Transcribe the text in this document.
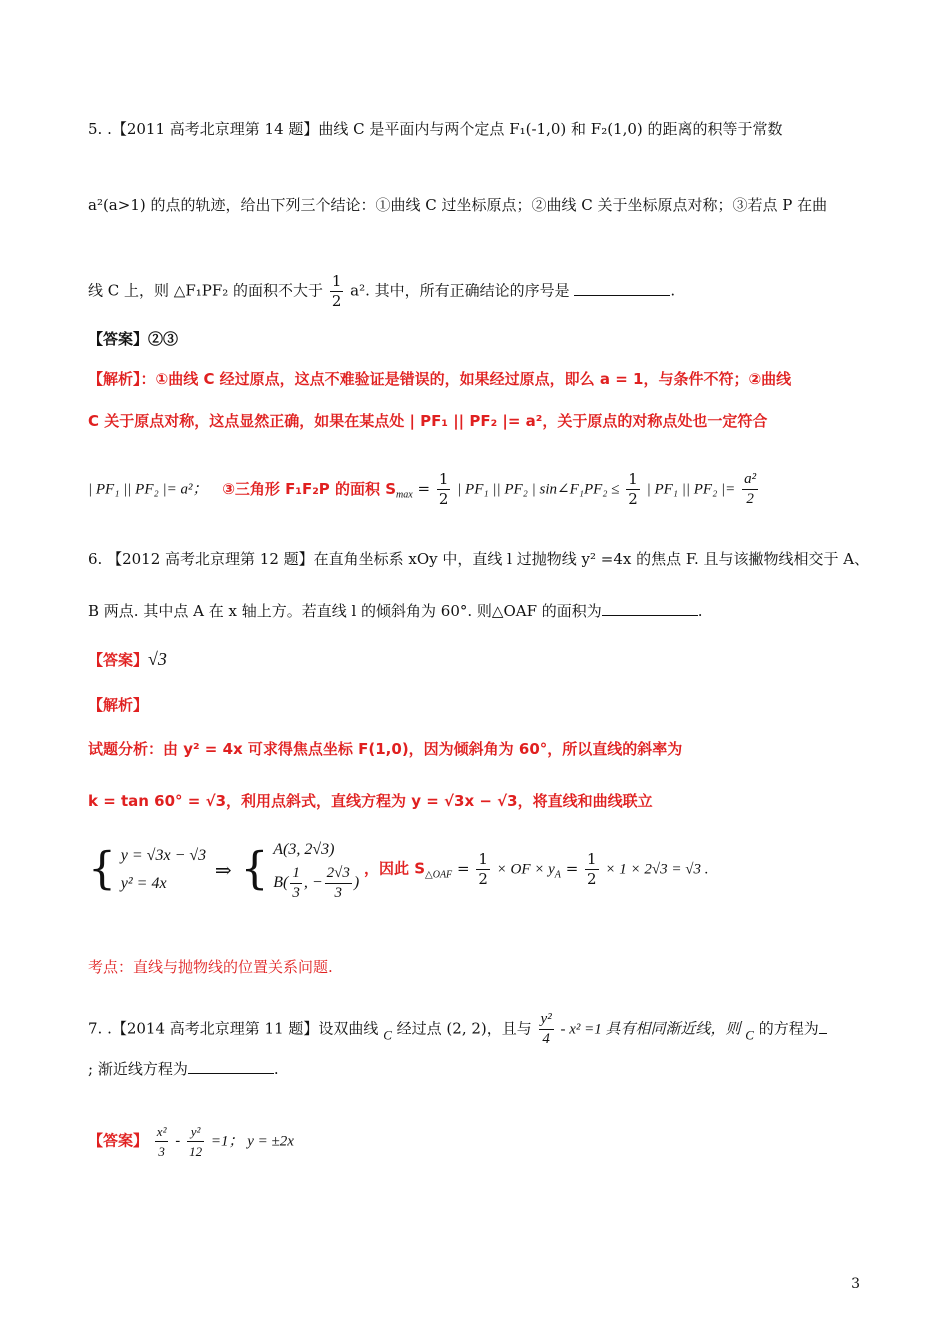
5. .【2011 高考北京理第 14 题】曲线 C 是平面内与两个定点 F₁(-1,0) 和 F₂(1,0) 的距离的积等于常数
a²(a>1) 的点的轨迹，给出下列三个结论：①曲线 C 过坐标原点；②曲线 C 关于坐标原点对称；③若点 P 在曲
线 C 上，则 △F₁PF₂ 的面积不大于 $\frac{1}{2} a^2$. 其中，所有正确结论的序号是	.
【答案】②③
【解析】：①曲线 C 经过原点，这点不难验证是错误的，如果经过原点，即么 a = 1，与条件不符；②曲线
C 关于原点对称，这点显然正确，如果在某点处 | PF₁ || PF₂ |= a²，关于原点的对称点处也一定符合
| PF₁ || PF₂ |= a²； ③三角形 F₁F₂P 的面积 $S_{max} = \frac{1}{2}$ | PF₁ || PF₂ | sin∠F₁PF₂ ≤ $\frac{1}{2}$ | PF₁ || PF₂ |= $\frac{\text{a²}}{2}$
6. 【2012 高考北京理第 12 题】在直角坐标系 xOy 中，直线 l 过抛物线 y² =4x 的焦点 F. 且与该撇物线相交于 A、
B 两点. 其中点 A 在 x 轴上方。若直线 l 的倾斜角为 60°. 则△OAF 的面积为	.
【答案】√3
【解析】
试题分析：由 y² = 4x 可求得焦点坐标 F(1,0)，因为倾斜角为 60°，所以直线的斜率为
k = tan 60° = √3，利用点斜式，直线方程为 y = √3x − √3，将直线和曲线联立
{ y = √3x − √3
y² = 4x
⇒ { A(3, 2√3)
$B( \frac{1}{3}$ , − $\frac{2√3}{3}$ )
，因此 $S_{\triangle OAF} = \frac{1}{2}$ × OF × $y_A = \frac{1}{2} \times 1 \times 2√3 = √3$ .
考点：直线与抛物线的位置关系问题.
7. .【2014 高考北京理第 11 题】设双曲线 C 经过点 (2, 2)，且与 $\frac{\text{y²}}{4} - x^2 =1$ 具有相同渐近线，则 C 的方程为
; 渐近线方程为	.
【答案】 $\frac{\text{x²}}{3} - \frac{\text{y²}}{12} =1$； y = ±2x
3
